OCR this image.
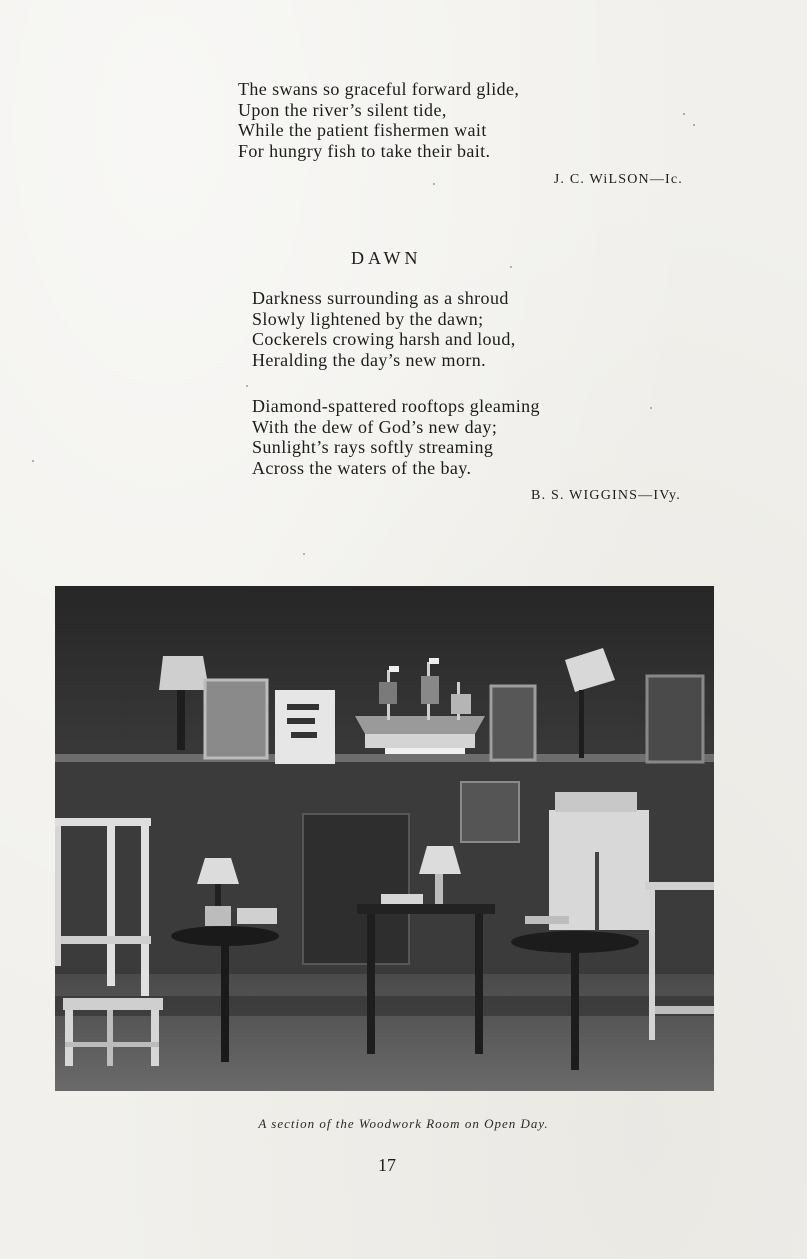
The swans so graceful forward glide,
Upon the river’s silent tide,
While the patient fishermen wait
For hungry fish to take their bait.
J. C. WiLSON—Ic.
DAWN
Darkness surrounding as a shroud
Slowly lightened by the dawn;
Cockerels crowing harsh and loud,
Heralding the day’s new morn.
Diamond-spattered rooftops gleaming
With the dew of God’s new day;
Sunlight’s rays softly streaming
Across the waters of the bay.
B. S. WIGGINS—IVy.
A section of the Woodwork Room on Open Day.
17
